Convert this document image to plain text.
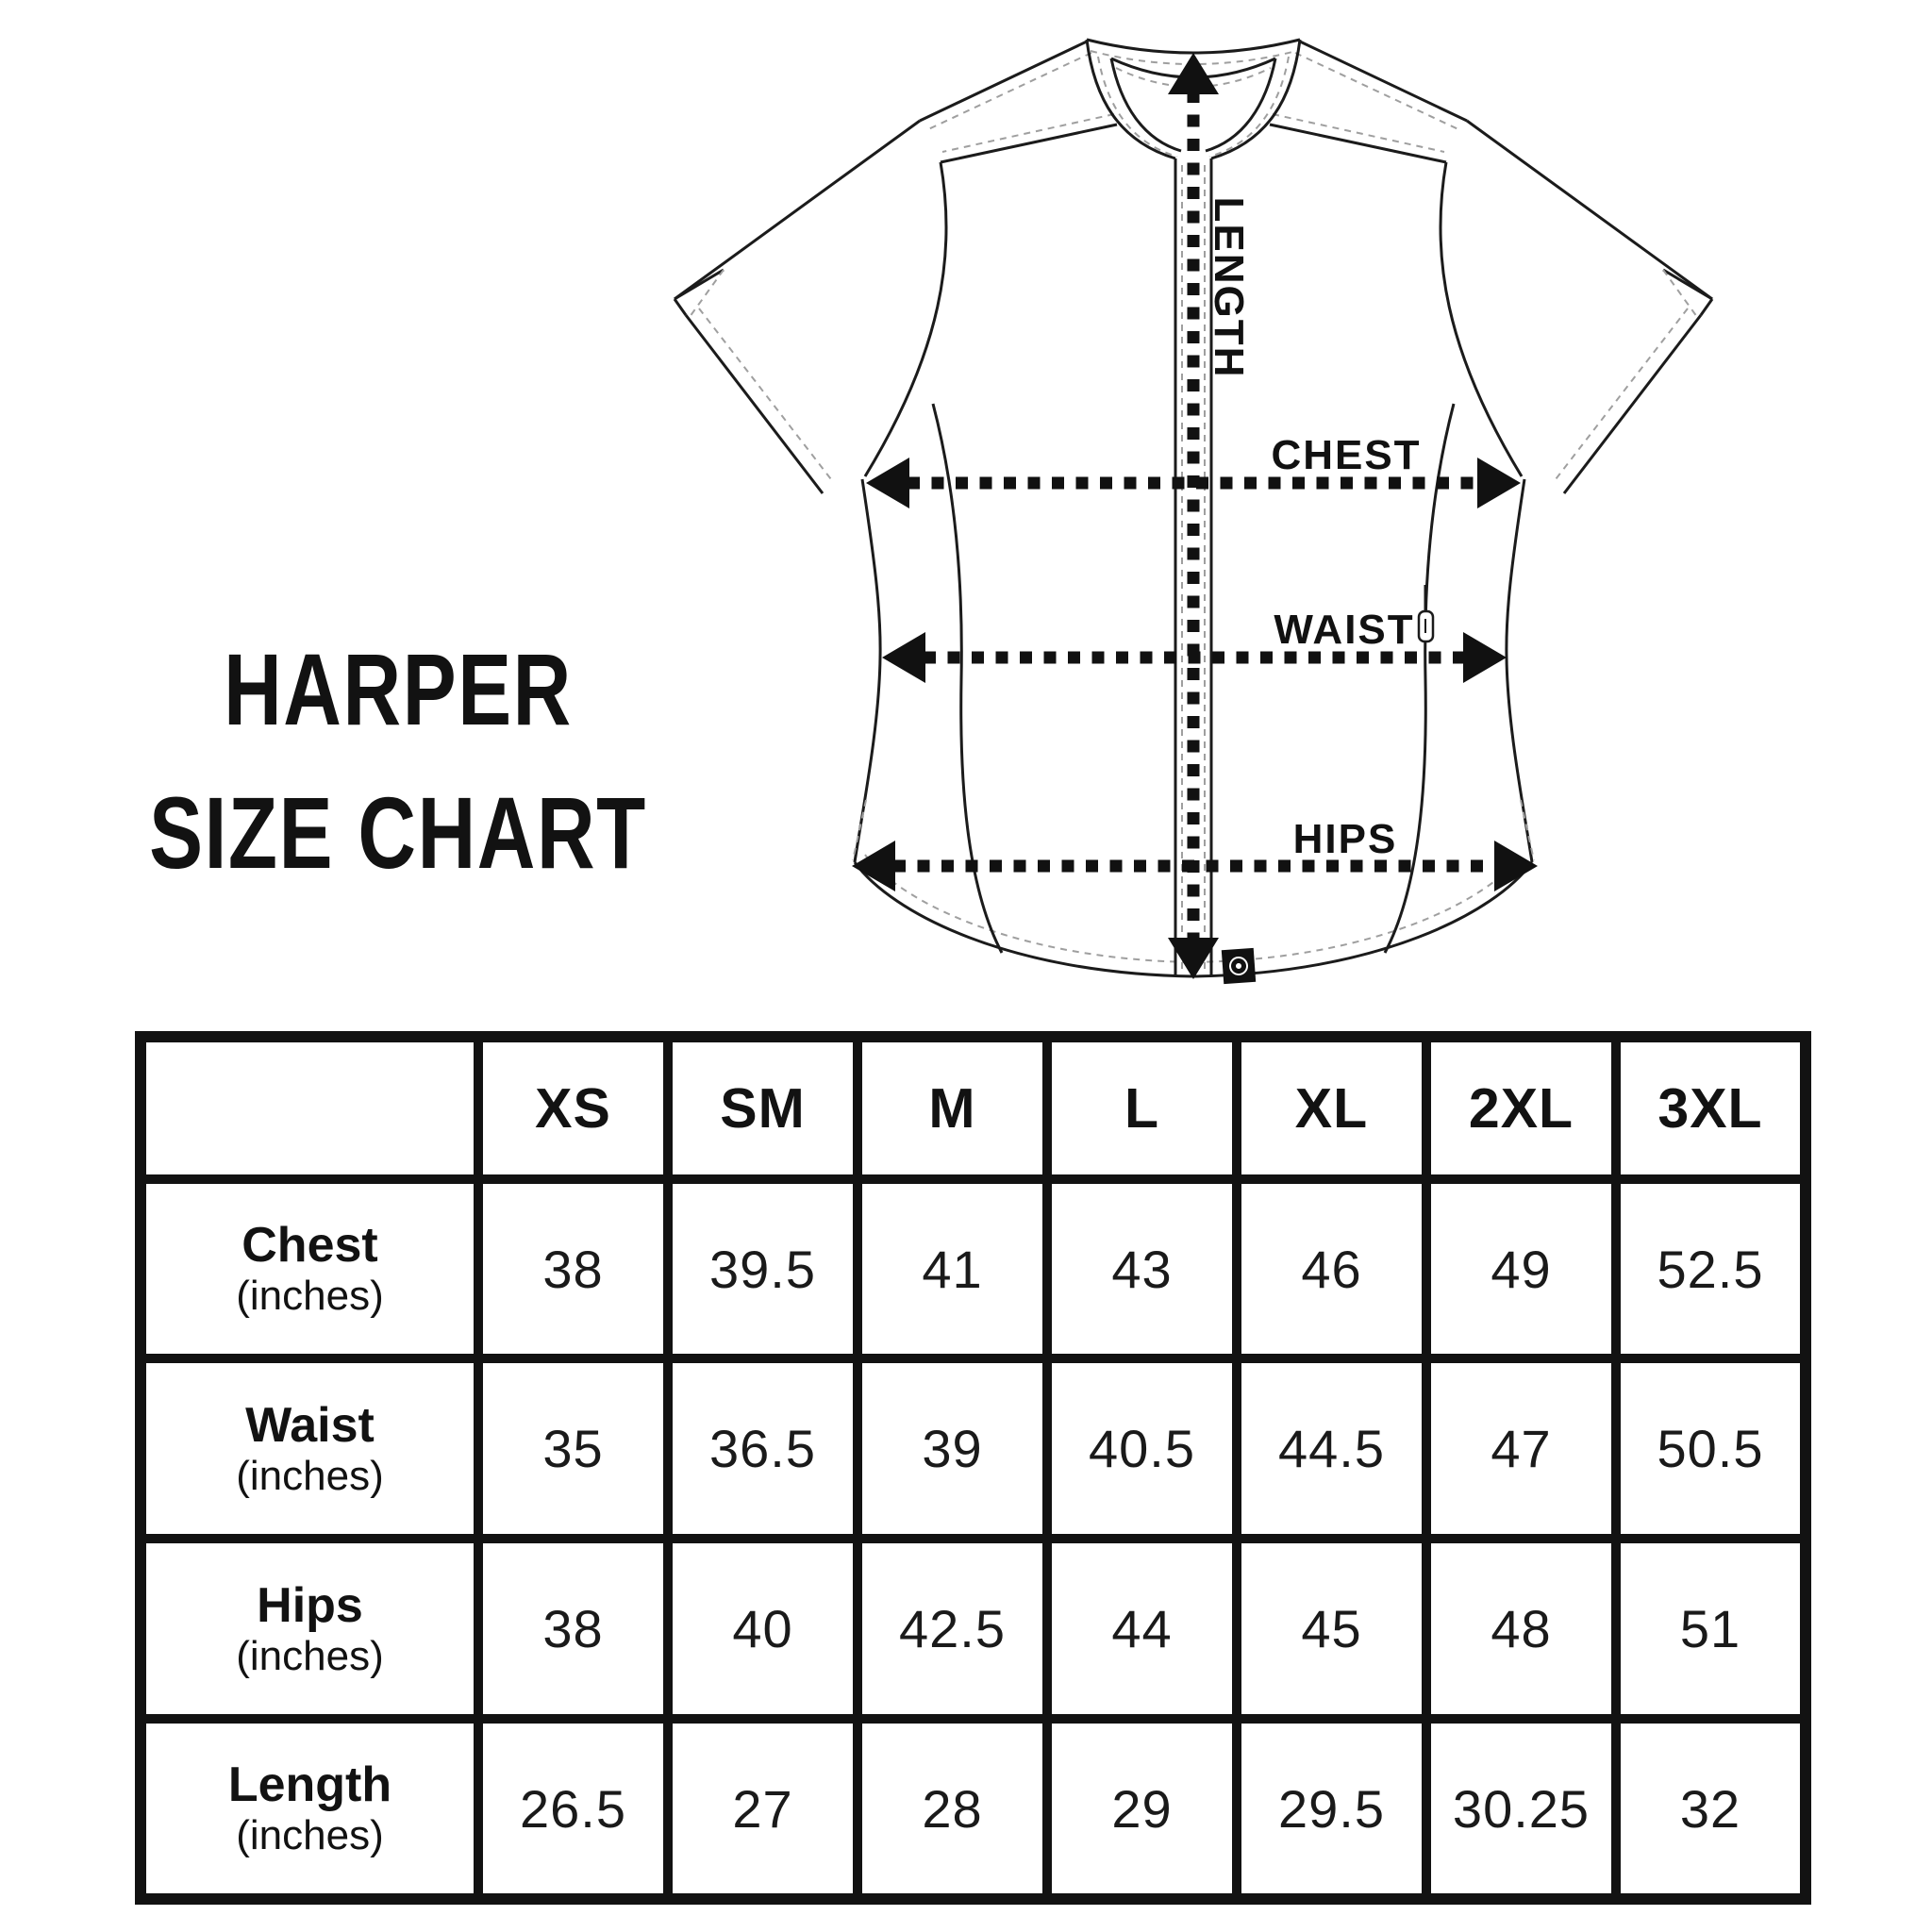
HARPER
SIZE CHART
LENGTH
CHEST
WAIST
HIPS
	XS	SM	M	L	XL	2XL	3XL

Chest
(inches)	38	39.5	41	43	46	49	52.5

Waist
(inches)	35	36.5	39	40.5	44.5	47	50.5

Hips
(inches)	38	40	42.5	44	45	48	51

Length
(inches)	26.5	27	28	29	29.5	30.25	32
